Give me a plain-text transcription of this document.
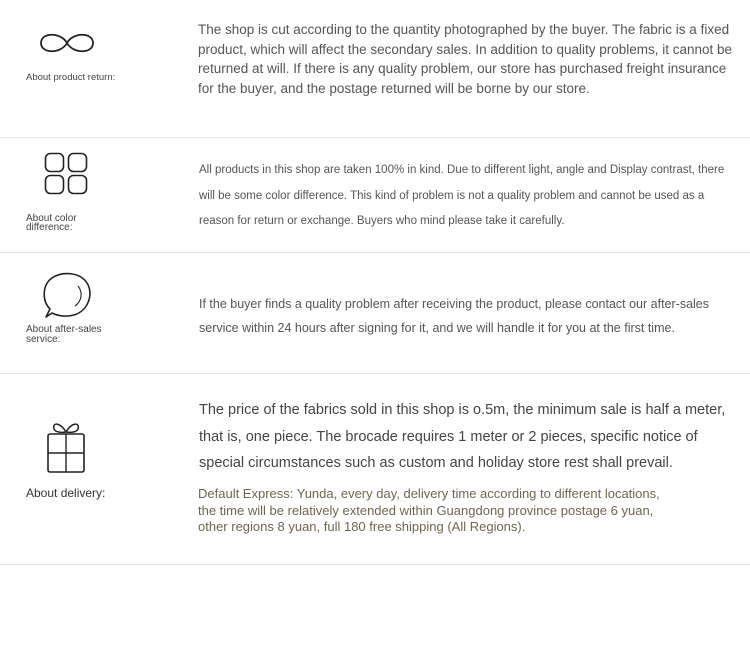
About product return:
The shop is cut according to the quantity photographed by the buyer. The fabric is a fixed product, which will affect the secondary sales. In addition to quality problems, it cannot be returned at will. If there is any quality problem, our store has purchased freight insurance for the buyer, and the postage returned will be borne by our store.
About color difference:
All products in this shop are taken 100% in kind. Due to different light, angle and Display contrast, there will be some color difference. This kind of problem is not a quality problem and cannot be used as a reason for return or exchange. Buyers who mind please take it carefully.
About after-sales service:
If the buyer finds a quality problem after receiving the product, please contact our after-sales service within 24 hours after signing for it, and we will handle it for you at the first time.
About delivery:
The price of the fabrics sold in this shop is o.5m, the minimum sale is half a meter, that is, one piece. The brocade requires 1 meter or 2 pieces, specific notice of special circumstances such as custom and holiday store rest shall prevail.
Default Express: Yunda, every day, delivery time according to different locations, the time will be relatively extended within Guangdong province postage 6 yuan, other regions 8 yuan, full 180 free shipping (All Regions).
